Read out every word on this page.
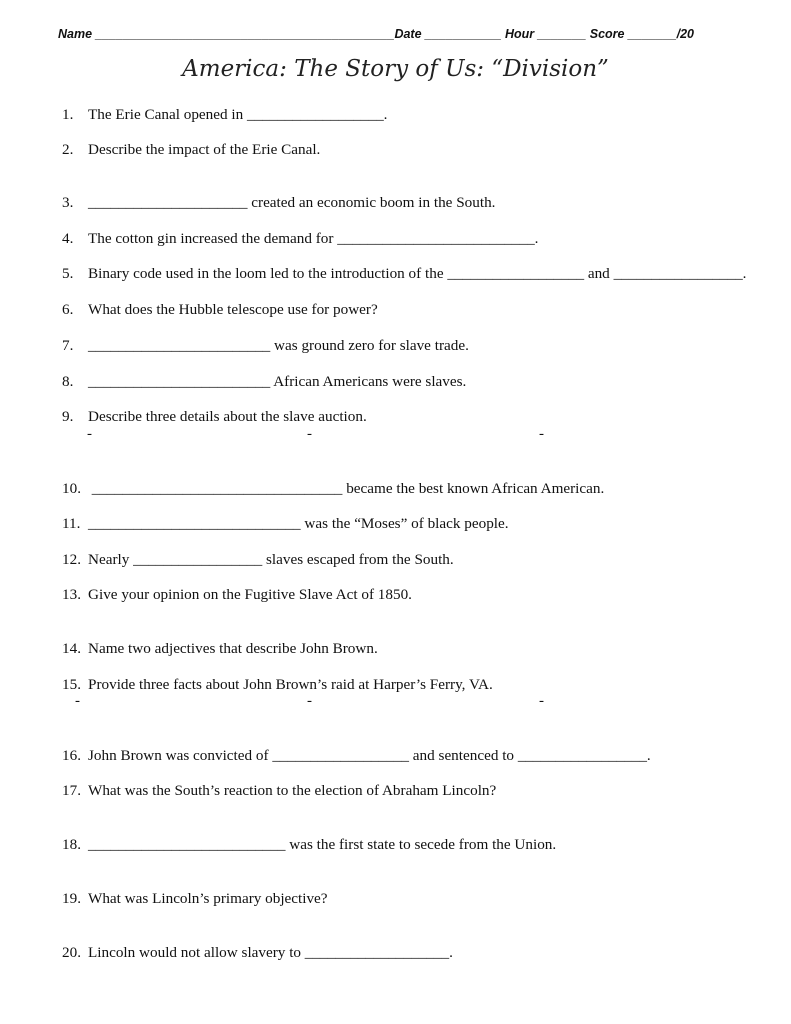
Name ___________________________________________Date ___________ Hour _______ Score _______/20
America: The Story of Us: “Division”
1. The Erie Canal opened in __________________.
2. Describe the impact of the Erie Canal.
3. _____________________ created an economic boom in the South.
4. The cotton gin increased the demand for __________________________.
5. Binary code used in the loom led to the introduction of the __________________ and _________________.
6. What does the Hubble telescope use for power?
7. ________________________ was ground zero for slave trade.
8. ________________________ African Americans were slaves.
9. Describe three details about the slave auction.
-	-	-
10. _________________________________ became the best known African American.
11. ____________________________ was the “Moses” of black people.
12. Nearly _________________ slaves escaped from the South.
13. Give your opinion on the Fugitive Slave Act of 1850.
14. Name two adjectives that describe John Brown.
15. Provide three facts about John Brown’s raid at Harper’s Ferry, VA.
-	-	-
16. John Brown was convicted of __________________ and sentenced to _________________.
17. What was the South’s reaction to the election of Abraham Lincoln?
18. __________________________ was the first state to secede from the Union.
19. What was Lincoln’s primary objective?
20. Lincoln would not allow slavery to ___________________.
